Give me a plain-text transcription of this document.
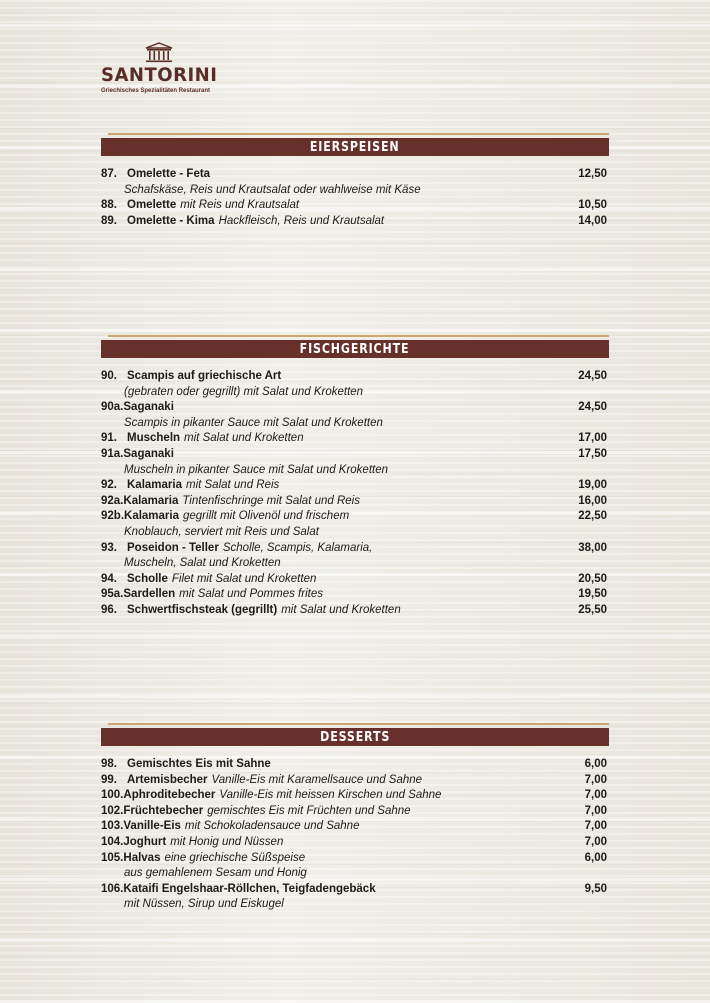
SANTORINI
Griechisches Spezialitäten Restaurant
EIERSPEISEN
87. Omelette - Feta	12,50
Schafskäse, Reis und Krautsalat oder wahlweise mit Käse
88. Omelette mit Reis und Krautsalat	10,50
89. Omelette - Kima Hackfleisch, Reis und Krautsalat	14,00
FISCHGERICHTE
90. Scampis auf griechische Art	24,50
(gebraten oder gegrillt) mit Salat und Kroketten
90a. Saganaki	24,50
Scampis in pikanter Sauce mit Salat und Kroketten
91. Muscheln mit Salat und Kroketten	17,00
91a. Saganaki	17,50
Muscheln in pikanter Sauce mit Salat und Kroketten
92. Kalamaria mit Salat und Reis	19,00
92a. Kalamaria Tintenfischringe mit Salat und Reis	16,00
92b. Kalamaria gegrillt mit Olivenöl und frischem	22,50
Knoblauch, serviert mit Reis und Salat
93. Poseidon - Teller Scholle, Scampis, Kalamaria,	38,00
Muscheln, Salat und Kroketten
94. Scholle Filet mit Salat und Kroketten	20,50
95a. Sardellen mit Salat und Pommes frites	19,50
96. Schwertfischsteak (gegrillt) mit Salat und Kroketten	25,50
DESSERTS
98. Gemischtes Eis mit Sahne	6,00
99. Artemisbecher Vanille-Eis mit Karamellsauce und Sahne	7,00
100. Aphroditebecher Vanille-Eis mit heissen Kirschen und Sahne	7,00
102. Früchtebecher gemischtes Eis mit Früchten und Sahne	7,00
103. Vanille-Eis mit Schokoladensauce und Sahne	7,00
104. Joghurt mit Honig und Nüssen	7,00
105. Halvas eine griechische Süßspeise	6,00
aus gemahlenem Sesam und Honig
106. Kataifi Engelshaar-Röllchen, Teigfadengebäck	9,50
mit Nüssen, Sirup und Eiskugel
